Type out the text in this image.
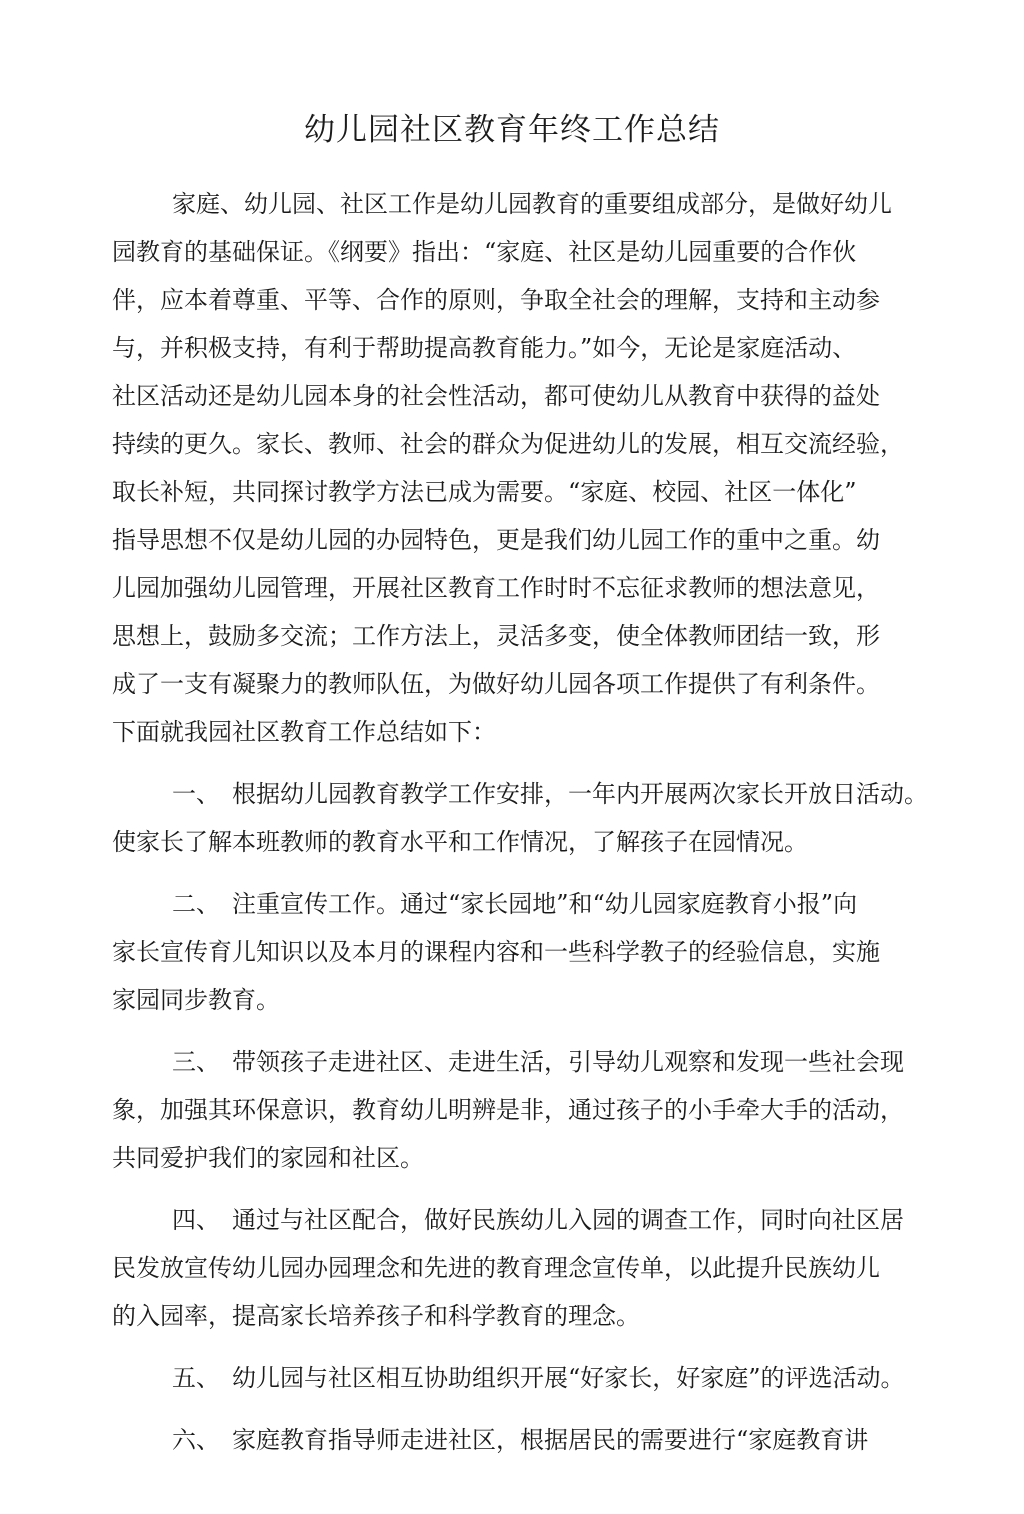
幼儿园社区教育年终工作总结
家庭、幼儿园、社区工作是幼儿园教育的重要组成部分，是做好幼儿
园教育的基础保证。《纲要》指出：“家庭、社区是幼儿园重要的合作伙
伴，应本着尊重、平等、合作的原则，争取全社会的理解，支持和主动参
与，并积极支持，有利于帮助提高教育能力。”如今，无论是家庭活动、
社区活动还是幼儿园本身的社会性活动，都可使幼儿从教育中获得的益处
持续的更久。家长、教师、社会的群众为促进幼儿的发展，相互交流经验，
取长补短，共同探讨教学方法已成为需要。“家庭、校园、社区一体化”
指导思想不仅是幼儿园的办园特色，更是我们幼儿园工作的重中之重。幼
儿园加强幼儿园管理，开展社区教育工作时时不忘征求教师的想法意见，
思想上，鼓励多交流；工作方法上，灵活多变，使全体教师团结一致，形
成了一支有凝聚力的教师队伍，为做好幼儿园各项工作提供了有利条件。
下面就我园社区教育工作总结如下：
一、 根据幼儿园教育教学工作安排，一年内开展两次家长开放日活动。
使家长了解本班教师的教育水平和工作情况，了解孩子在园情况。
二、 注重宣传工作。通过“家长园地”和“幼儿园家庭教育小报”向
家长宣传育儿知识以及本月的课程内容和一些科学教子的经验信息，实施
家园同步教育。
三、 带领孩子走进社区、走进生活，引导幼儿观察和发现一些社会现
象，加强其环保意识，教育幼儿明辨是非，通过孩子的小手牵大手的活动，
共同爱护我们的家园和社区。
四、 通过与社区配合，做好民族幼儿入园的调查工作，同时向社区居
民发放宣传幼儿园办园理念和先进的教育理念宣传单，以此提升民族幼儿
的入园率，提高家长培养孩子和科学教育的理念。
五、 幼儿园与社区相互协助组织开展“好家长，好家庭”的评选活动。
六、 家庭教育指导师走进社区，根据居民的需要进行“家庭教育讲
